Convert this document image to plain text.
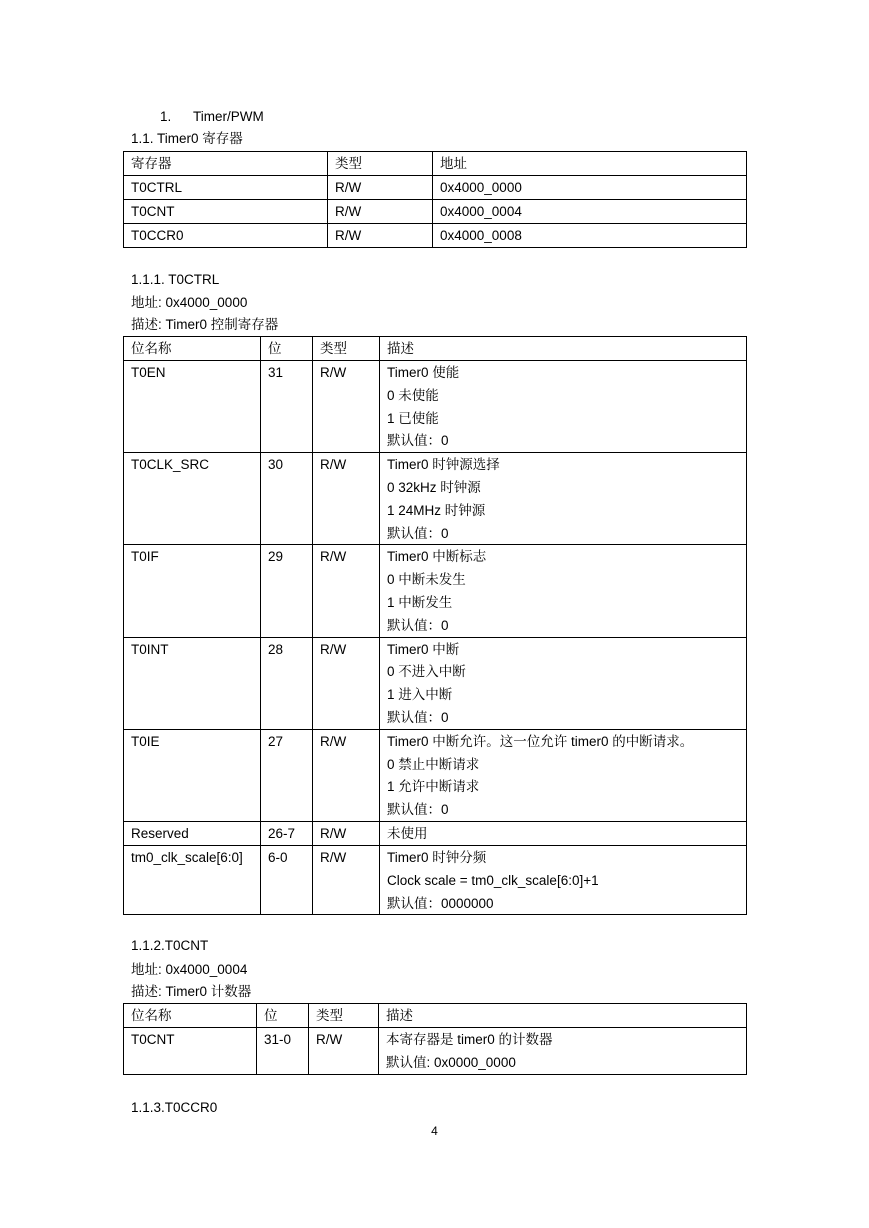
1. Timer/PWM
1.1. Timer0 寄存器
寄存器	类型	地址
T0CTRL	R/W	0x4000_0000
T0CNT	R/W	0x4000_0004
T0CCR0	R/W	0x4000_0008
1.1.1. T0CTRL
地址: 0x4000_0000
描述: Timer0 控制寄存器
位名称	位	类型	描述
T0EN	31	R/W	Timer0 使能
0 未使能
1 已使能
默认值：0

T0CLK_SRC	30	R/W	Timer0 时钟源选择
0 32kHz 时钟源
1 24MHz 时钟源
默认值：0

T0IF	29	R/W	Timer0 中断标志
0 中断未发生
1 中断发生
默认值：0

T0INT	28	R/W	Timer0 中断
0 不进入中断
1 进入中断
默认值：0

T0IE	27	R/W	Timer0 中断允许。这一位允许 timer0 的中断请求。
0 禁止中断请求
1 允许中断请求
默认值：0

Reserved	26-7	R/W	未使用

tm0_clk_scale[6:0]	6-0	R/W	Timer0 时钟分频
Clock scale = tm0_clk_scale[6:0]+1
默认值：0000000
1.1.2.T0CNT
地址: 0x4000_0004
描述: Timer0 计数器
位名称	位	类型	描述
T0CNT	31-0	R/W	本寄存器是 timer0 的计数器
默认值: 0x0000_0000
1.1.3.T0CCR0
4
